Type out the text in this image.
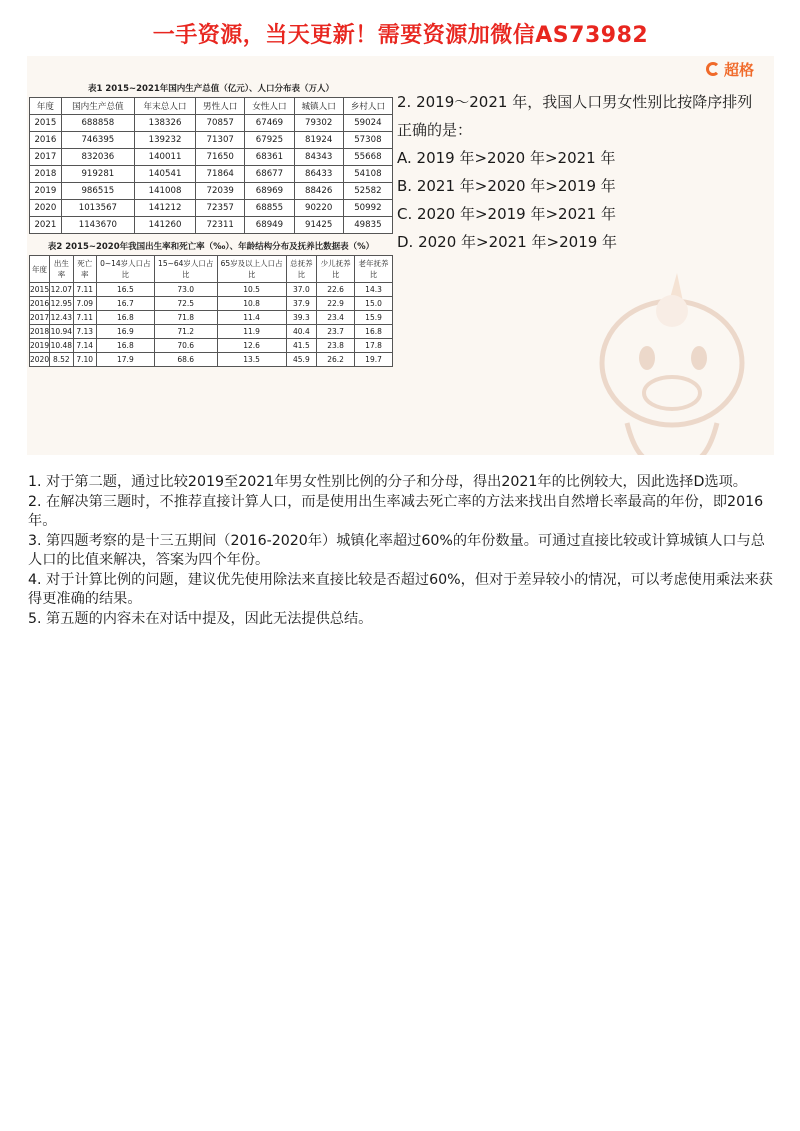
一手资源，当天更新！需要资源加微信AS73982
超格
表1 2015~2021年国内生产总值（亿元）、人口分布表（万人）
年度	国内生产总值	年末总人口	男性人口	女性人口	城镇人口	乡村人口
2015	688858	138326	70857	67469	79302	59024
2016	746395	139232	71307	67925	81924	57308
2017	832036	140011	71650	68361	84343	55668
2018	919281	140541	71864	68677	86433	54108
2019	986515	141008	72039	68969	88426	52582
2020	1013567	141212	72357	68855	90220	50992
2021	1143670	141260	72311	68949	91425	49835
表2 2015~2020年我国出生率和死亡率（‰）、年龄结构分布及抚养比数据表（%）
年度	出生率	死亡率	0~14岁人口占比	15~64岁人口占比	65岁及以上人口占比	总抚养比	少儿抚养比	老年抚养比
2015	12.07	7.11	16.5	73.0	10.5	37.0	22.6	14.3
2016	12.95	7.09	16.7	72.5	10.8	37.9	22.9	15.0
2017	12.43	7.11	16.8	71.8	11.4	39.3	23.4	15.9
2018	10.94	7.13	16.9	71.2	11.9	40.4	23.7	16.8
2019	10.48	7.14	16.8	70.6	12.6	41.5	23.8	17.8
2020	8.52	7.10	17.9	68.6	13.5	45.9	26.2	19.7
2. 2019～2021 年，我国人口男女性别比按降序排列
正确的是：
A. 2019 年>2020 年>2021 年
B. 2021 年>2020 年>2019 年
C. 2020 年>2019 年>2021 年
D. 2020 年>2021 年>2019 年

1. 对于第二题，通过比较2019至2021年男女性别比例的分子和分母，得出2021年的比例较大，因此选择D选项。

2. 在解决第三题时，不推荐直接计算人口，而是使用出生率减去死亡率的方法来找出自然增长率最高的年份，即2016年。

3. 第四题考察的是十三五期间（2016-2020年）城镇化率超过60%的年份数量。可通过直接比较或计算城镇人口与总人口的比值来解决，答案为四个年份。

4. 对于计算比例的问题，建议优先使用除法来直接比较是否超过60%，但对于差异较小的情况，可以考虑使用乘法来获得更准确的结果。

5. 第五题的内容未在对话中提及，因此无法提供总结。
